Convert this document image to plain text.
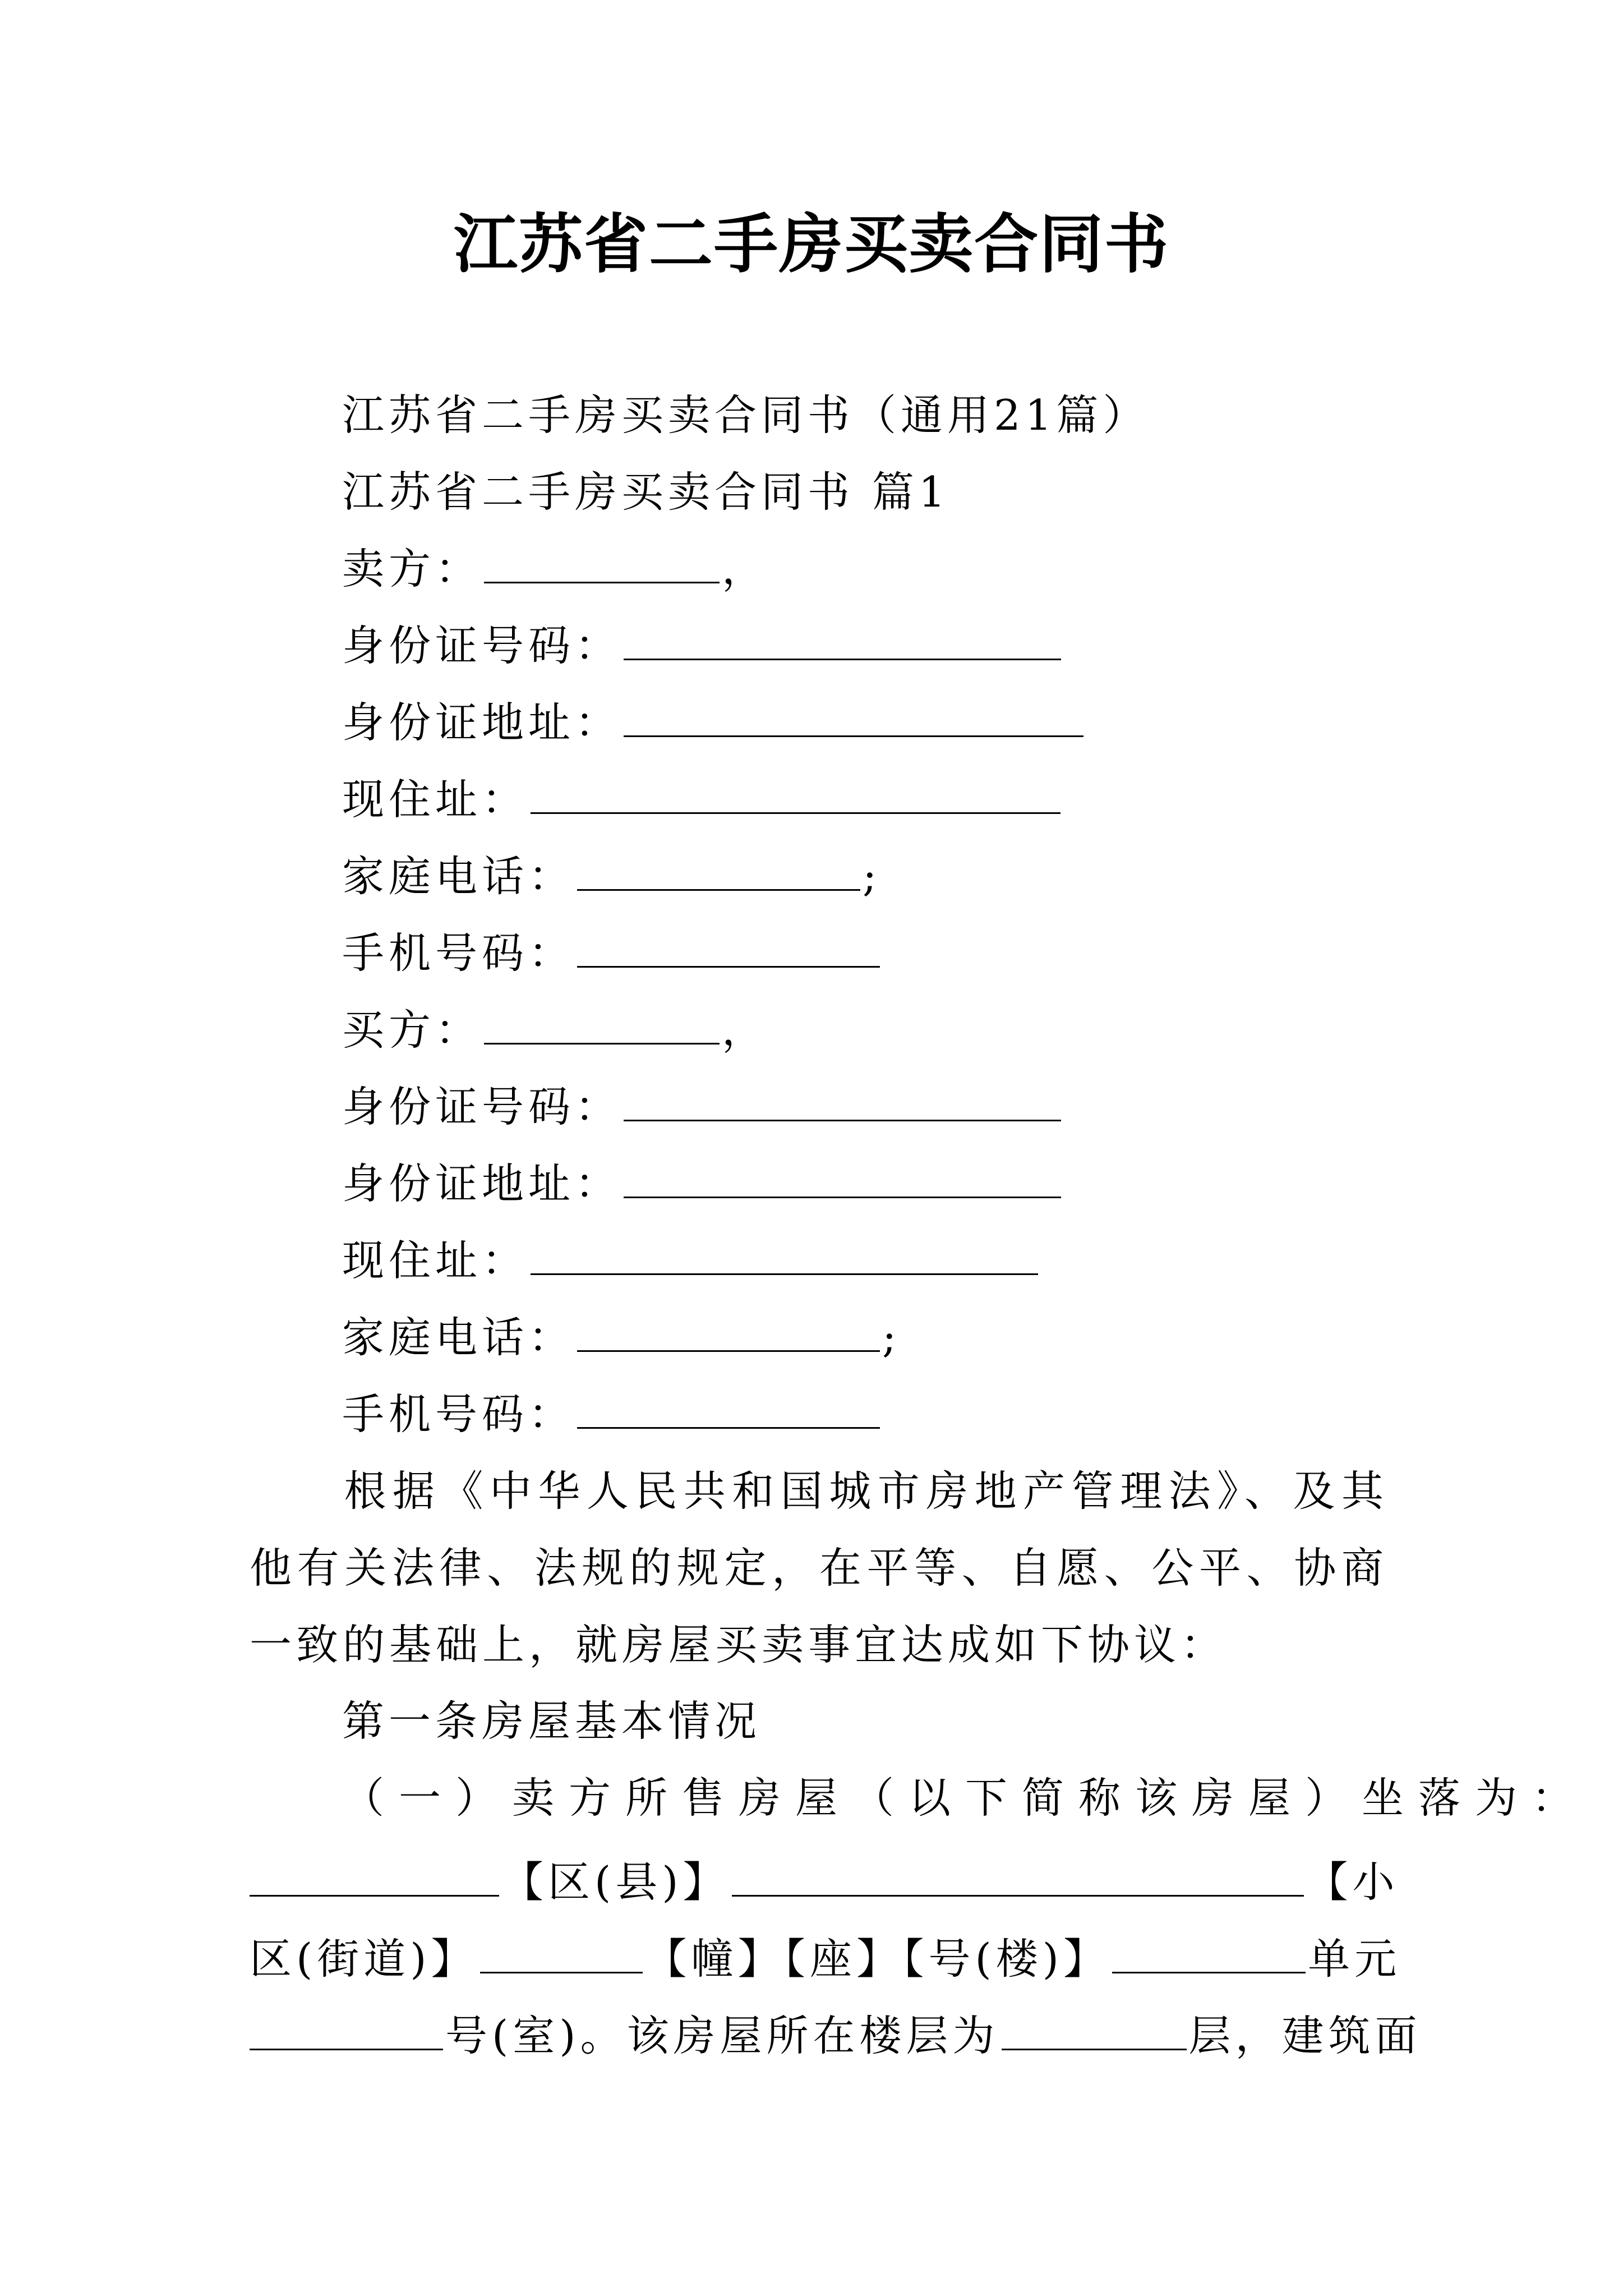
江苏省二手房买卖合同书
江苏省二手房买卖合同书（通用21篇）
江苏省二手房买卖合同书 篇1
卖方：	，
身份证号码：
身份证地址：
现住址：
家庭电话：	;
手机号码：
买方：	，
身份证号码：
身份证地址：
现住址：
家庭电话：	;
手机号码：
根据《中华人民共和国城市房地产管理法》、及其他有关法律、法规的规定，在平等、自愿、公平、协商一致的基础上，就房屋买卖事宜达成如下协议：
第一条房屋基本情况
（一）卖方所售房屋（以下简称该房屋）坐落为：
【区(县)】	【小
区(街道)】	【幢】【座】【号(楼)】	单元
号(室)。该房屋所在楼层为	层，建筑面
